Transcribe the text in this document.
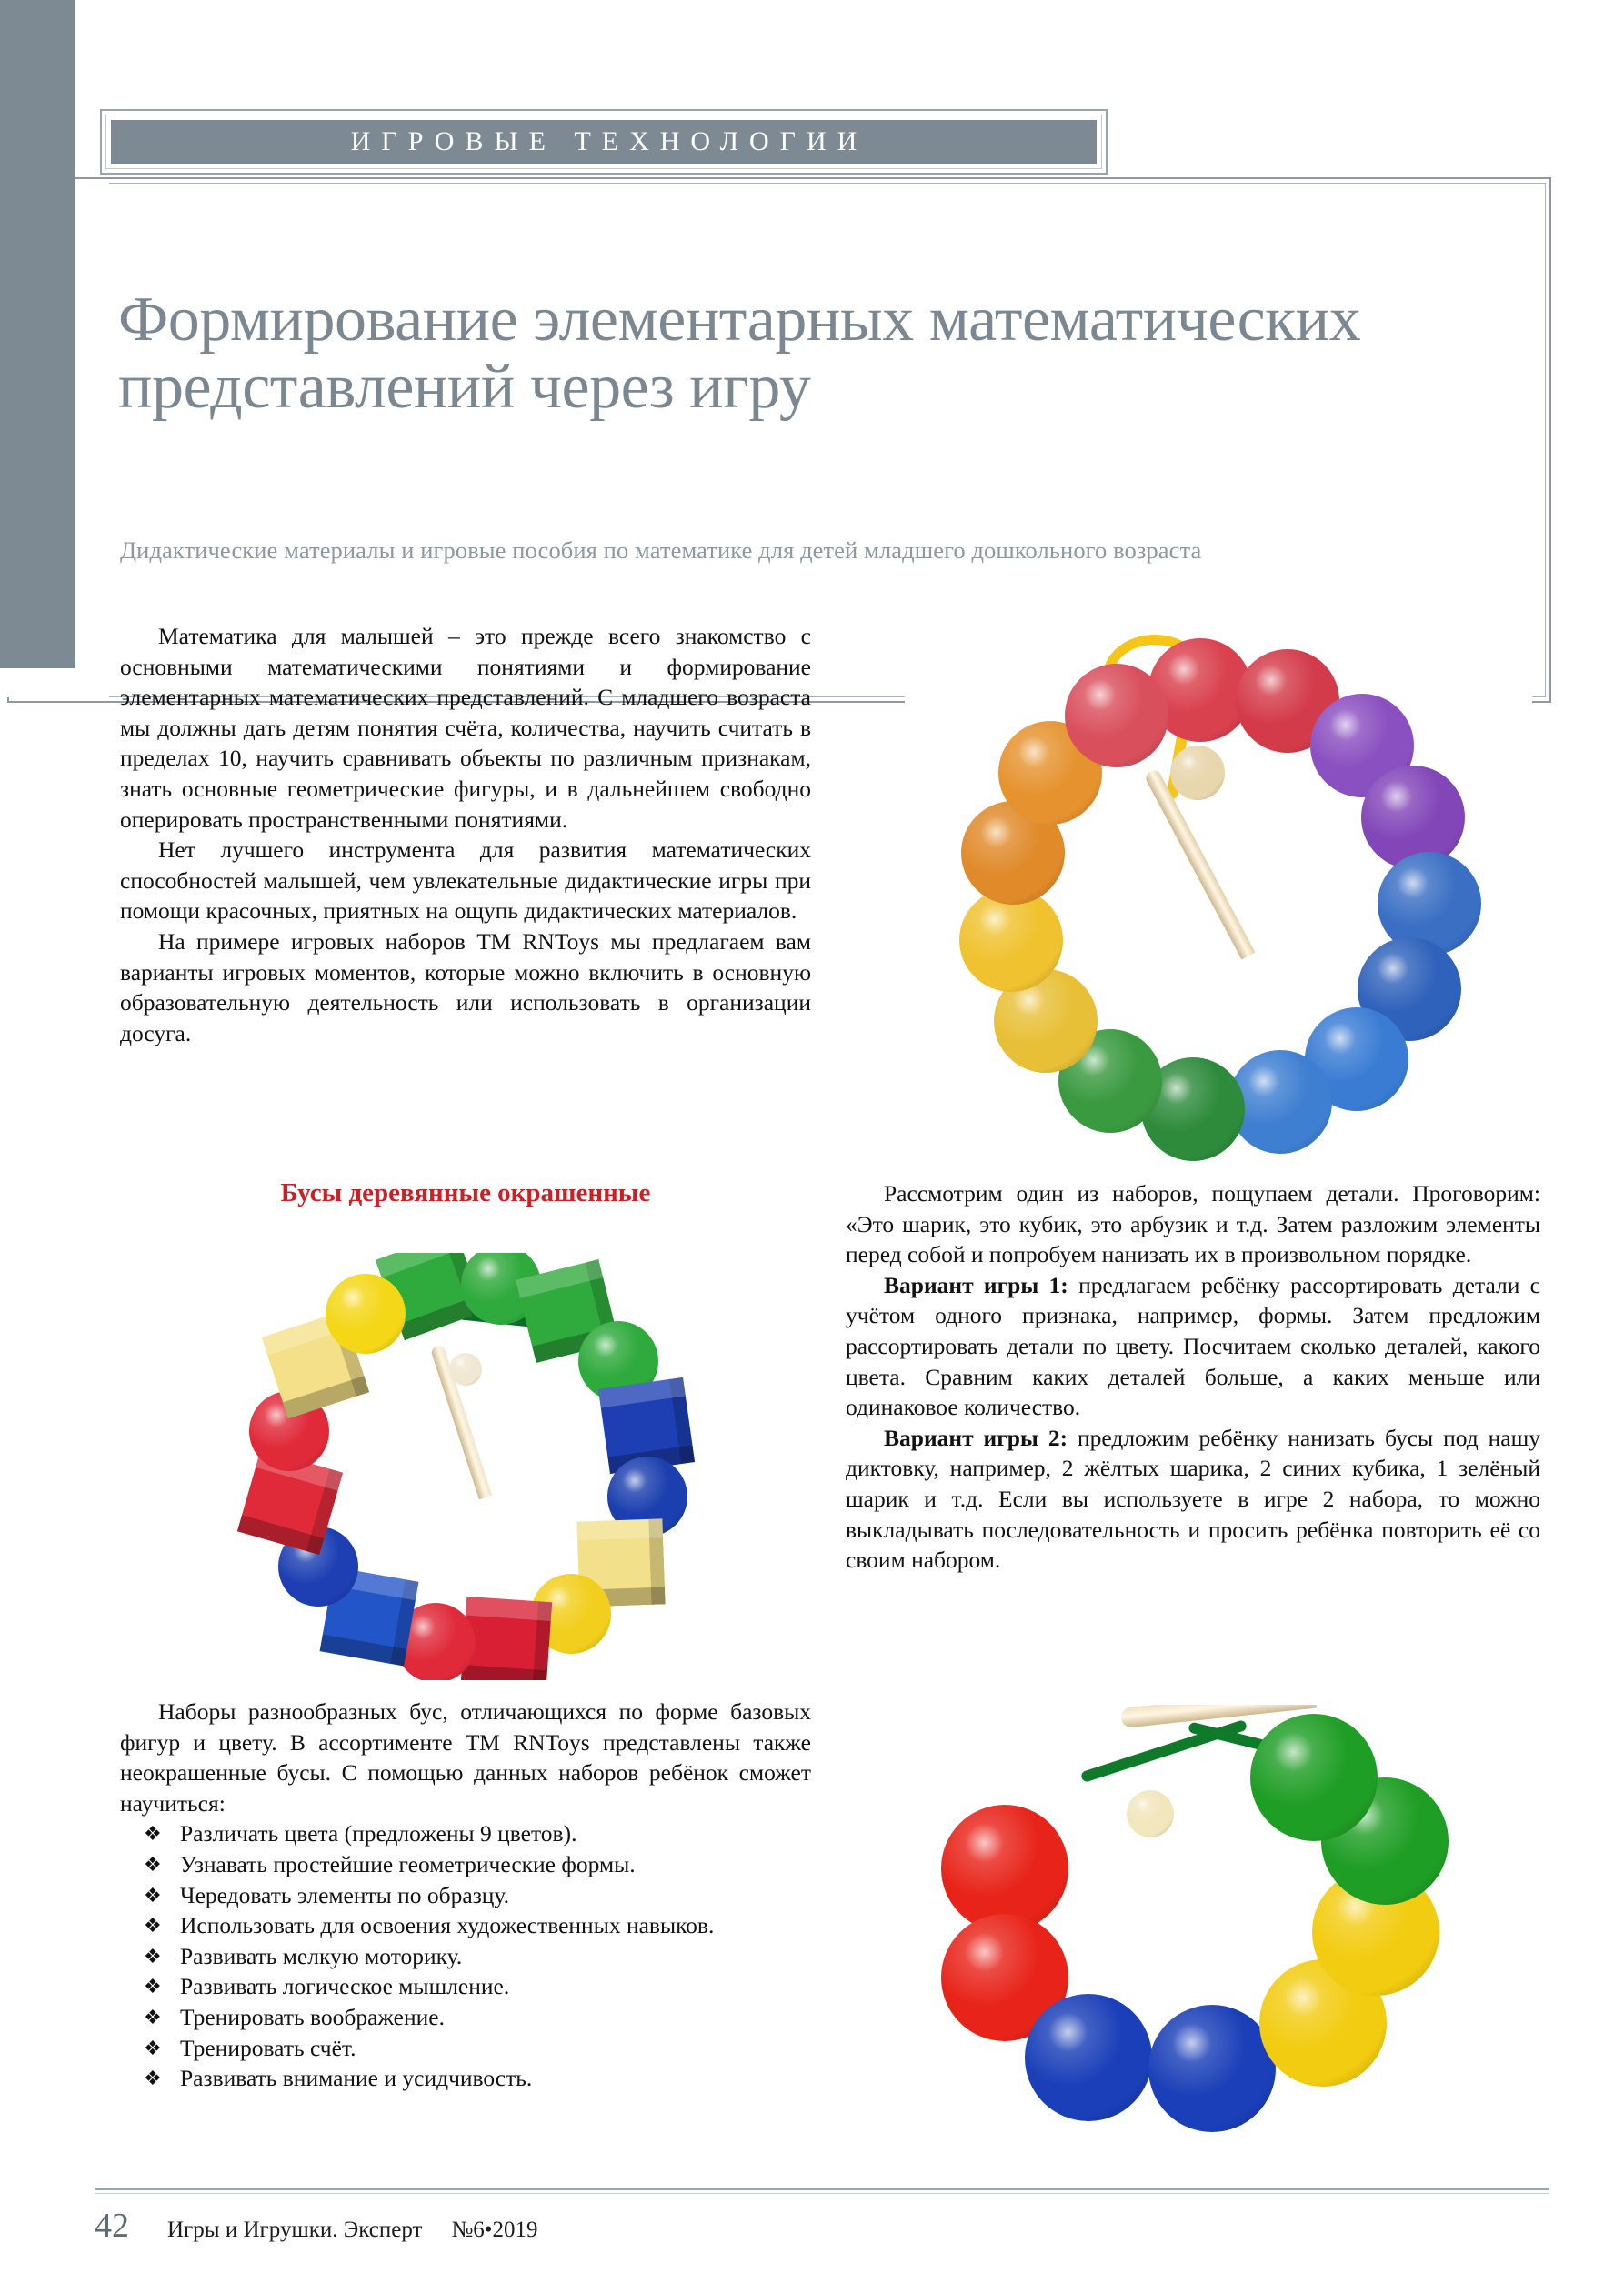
ИГРОВЫЕ ТЕХНОЛОГИИ
Формирование элементарных математических представлений через игру
Дидактические материалы и игровые пособия по математике для детей младшего дошкольного возраста

Математика для малышей – это прежде всего знакомство с основными математическими понятиями и формирование элементарных математических представлений. С младшего возраста мы должны дать детям понятия счёта, количества, научить считать в пределах 10, научить сравнивать объекты по различным признакам, знать основные геометрические фигуры, и в дальнейшем свободно оперировать пространственными понятиями.

Нет лучшего инструмента для развития математических способностей малышей, чем увлекательные дидактические игры при помощи красочных, приятных на ощупь дидактических материалов.

На примере игровых наборов ТМ RNToys мы предлагаем вам варианты игровых моментов, которые можно включить в основную образовательную деятельность или использовать в организации досуга.

Бусы деревянные окрашенные

Наборы разнообразных бус, отличающихся по форме базовых фигур и цвету. В ассортименте ТМ RNToys представлены также неокрашенные бусы. С помощью данных наборов ребёнок сможет научиться:

❖ Различать цвета (предложены 9 цветов).
❖ Узнавать простейшие геометрические формы.
❖ Чередовать элементы по образцу.
❖ Использовать для освоения художественных навыков.
❖ Развивать мелкую моторику.
❖ Развивать логическое мышление.
❖ Тренировать воображение.
❖ Тренировать счёт.
❖ Развивать внимание и усидчивость.

Рассмотрим один из наборов, пощупаем детали. Проговорим: «Это шарик, это кубик, это арбузик и т.д. Затем разложим элементы перед собой и попробуем нанизать их в произвольном порядке.

Вариант игры 1: предлагаем ребёнку рассортировать детали с учётом одного признака, например, формы. Затем предложим рассортировать детали по цвету. Посчитаем сколько деталей, какого цвета. Сравним каких деталей больше, а каких меньше или одинаковое количество.

Вариант игры 2: предложим ребёнку нанизать бусы под нашу диктовку, например, 2 жёлтых шарика, 2 синих кубика, 1 зелёный шарик и т.д. Если вы используете в игре 2 набора, то можно выкладывать последовательность и просить ребёнка повторить её со своим набором.

42 Игры и Игрушки. Эксперт №6•2019
